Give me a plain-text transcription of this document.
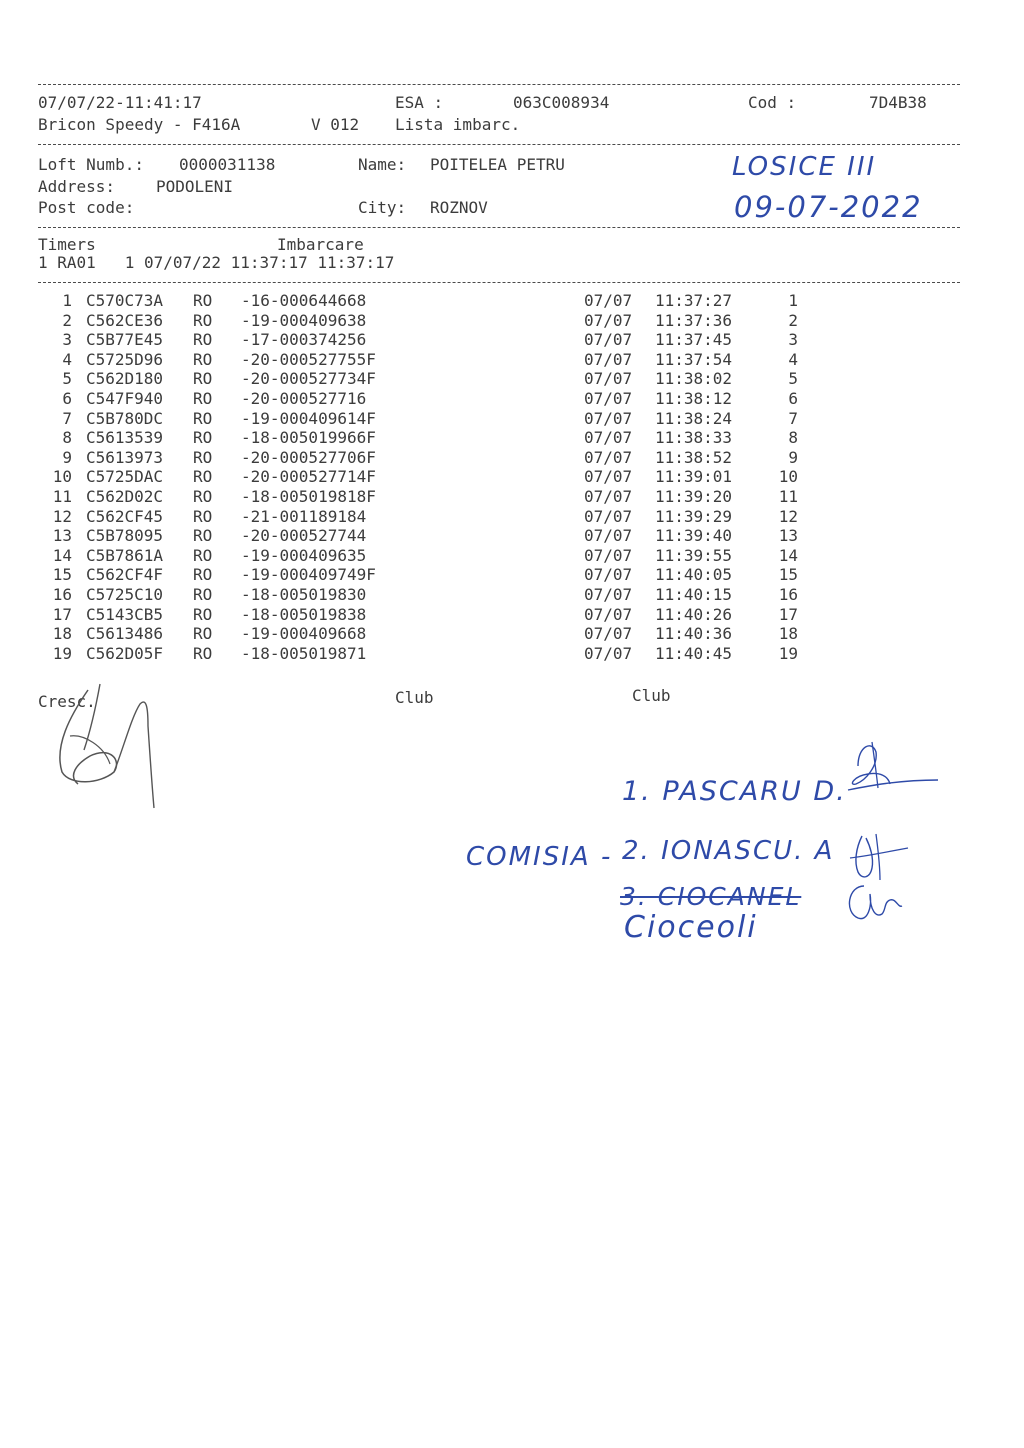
07/07/22-11:41:17	ESA :	063C008934	Cod :	7D4B38
Bricon Speedy - F416A	V 012 Lista imbarc.
Loft Numb.: 0000031138	Name: POITELEA PETRU
Address:	PODOLENI
Post code:	City: ROZNOV
LOSICE III
09-07-2022
Timers	Imbarcare
1 RA01   1 07/07/22 11:37:17 11:37:17
1 C570C73A RO -16-000644668	07/07 11:37:27	1
2 C562CE36 RO -19-000409638	07/07 11:37:36	2
3 C5B77E45 RO -17-000374256	07/07 11:37:45	3
4 C5725D96 RO -20-000527755F	07/07 11:37:54	4
5 C562D180 RO -20-000527734F	07/07 11:38:02	5
6 C547F940 RO -20-000527716	07/07 11:38:12	6
7 C5B780DC RO -19-000409614F	07/07 11:38:24	7
8 C5613539 RO -18-005019966F	07/07 11:38:33	8
9 C5613973 RO -20-000527706F	07/07 11:38:52	9
10 C5725DAC RO -20-000527714F	07/07 11:39:01	10
11 C562D02C RO -18-005019818F	07/07 11:39:20	11
12 C562CF45 RO -21-001189184	07/07 11:39:29	12
13 C5B78095 RO -20-000527744	07/07 11:39:40	13
14 C5B7861A RO -19-000409635	07/07 11:39:55	14
15 C562CF4F RO -19-000409749F	07/07 11:40:05	15
16 C5725C10 RO -18-005019830	07/07 11:40:15	16
17 C5143CB5 RO -18-005019838	07/07 11:40:26	17
18 C5613486 RO -19-000409668	07/07 11:40:36	18
19 C562D05F RO -18-005019871	07/07 11:40:45	19
Cresc.	Club	Club
1. PASCARU D.
COMISIA - 2. IONASCU. A
3. CIOCANEL
Cioceoli
